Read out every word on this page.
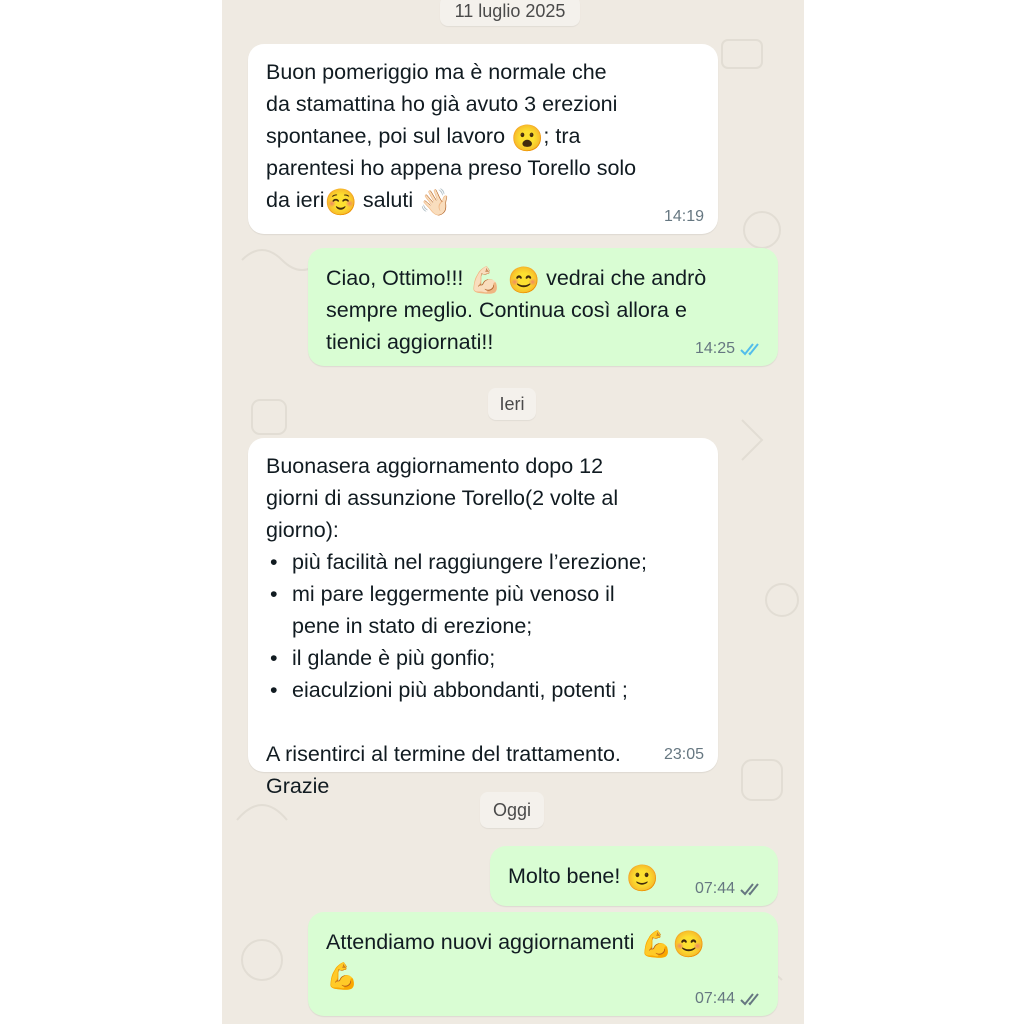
11 luglio 2025
Buon pomeriggio ma è normale che
da stamattina ho già avuto 3 erezioni
spontanee, poi sul lavoro 😮; tra
parentesi ho appena preso Torello solo
da ieri☺️ saluti 👋🏻	14:19
Ciao, Ottimo!!! 💪🏻 😊 vedrai che andrò
sempre meglio. Continua così allora e
tienici aggiornati!!	14:25
Ieri
Buonasera aggiornamento dopo 12
giorni di assunzione Torello(2 volte al
giorno):
• più facilità nel raggiungere l’erezione;
• mi pare leggermente più venoso il
pene in stato di erezione;
• il glande è più gonfio;
• eiaculzioni più abbondanti, potenti ;

A risentirci al termine del trattamento.
Grazie
23:05
Oggi
Molto bene! 🙂	07:44
Attendiamo nuovi aggiornamenti 💪😊
💪
07:44
